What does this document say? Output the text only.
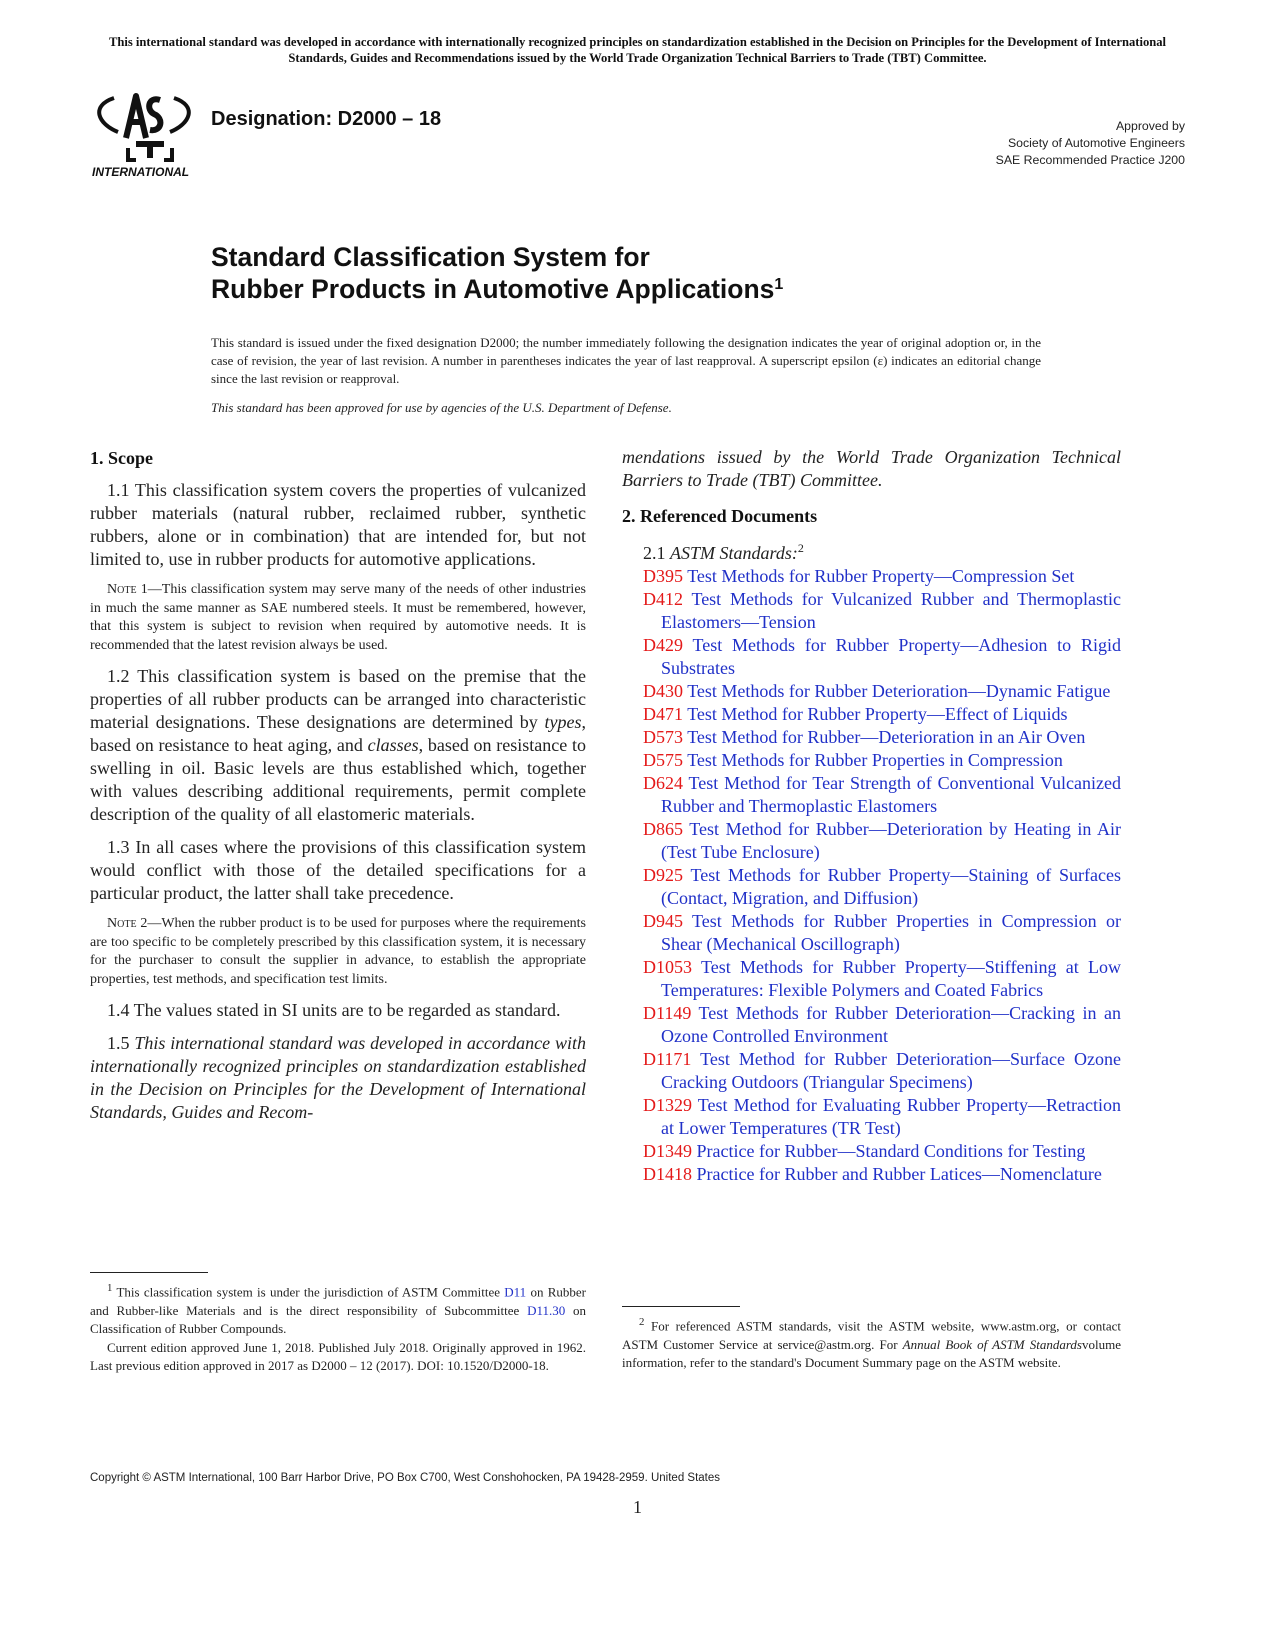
This international standard was developed in accordance with internationally recognized principles on standardization established in the Decision on Principles for the Development of International Standards, Guides and Recommendations issued by the World Trade Organization Technical Barriers to Trade (TBT) Committee.
INTERNATIONAL
Designation: D2000 – 18	Approved by
Society of Automotive Engineers
SAE Recommended Practice J200
Standard Classification System for
Rubber Products in Automotive Applications$^1$
This standard is issued under the fixed designation D2000; the number immediately following the designation indicates the year of original adoption or, in the case of revision, the year of last revision. A number in parentheses indicates the year of last reapproval. A superscript epsilon (ε) indicates an editorial change since the last revision or reapproval.
This standard has been approved for use by agencies of the U.S. Department of Defense.
1. Scope

1.1 This classification system covers the properties of vulcanized rubber materials (natural rubber, reclaimed rubber, synthetic rubbers, alone or in combination) that are intended for, but not limited to, use in rubber products for automotive applications.

Note 1—This classification system may serve many of the needs of other industries in much the same manner as SAE numbered steels. It must be remembered, however, that this system is subject to revision when required by automotive needs. It is recommended that the latest revision always be used.

1.2 This classification system is based on the premise that the properties of all rubber products can be arranged into characteristic material designations. These designations are determined by types, based on resistance to heat aging, and classes, based on resistance to swelling in oil. Basic levels are thus established which, together with values describing additional requirements, permit complete description of the quality of all elastomeric materials.

1.3 In all cases where the provisions of this classification system would conflict with those of the detailed specifications for a particular product, the latter shall take precedence.

Note 2—When the rubber product is to be used for purposes where the requirements are too specific to be completely prescribed by this classification system, it is necessary for the purchaser to consult the supplier in advance, to establish the appropriate properties, test methods, and specification test limits.

1.4 The values stated in SI units are to be regarded as standard.

1.5 This international standard was developed in accordance with internationally recognized principles on standardization established in the Decision on Principles for the Development of International Standards, Guides and Recom-

$^1$ This classification system is under the jurisdiction of ASTM Committee D11 on Rubber and Rubber-like Materials and is the direct responsibility of Subcommittee D11.30 on Classification of Rubber Compounds.

Current edition approved June 1, 2018. Published July 2018. Originally approved in 1962. Last previous edition approved in 2017 as D2000 – 12 (2017). DOI: 10.1520/D2000-18.

mendations issued by the World Trade Organization Technical Barriers to Trade (TBT) Committee.

2. Referenced Documents

2.1 ASTM Standards:$^2$

D395 Test Methods for Rubber Property—Compression Set
D412 Test Methods for Vulcanized Rubber and Thermoplastic Elastomers—Tension
D429 Test Methods for Rubber Property—Adhesion to Rigid Substrates
D430 Test Methods for Rubber Deterioration—Dynamic Fatigue
D471 Test Method for Rubber Property—Effect of Liquids
D573 Test Method for Rubber—Deterioration in an Air Oven
D575 Test Methods for Rubber Properties in Compression
D624 Test Method for Tear Strength of Conventional Vulcanized Rubber and Thermoplastic Elastomers
D865 Test Method for Rubber—Deterioration by Heating in Air (Test Tube Enclosure)
D925 Test Methods for Rubber Property—Staining of Surfaces (Contact, Migration, and Diffusion)
D945 Test Methods for Rubber Properties in Compression or Shear (Mechanical Oscillograph)
D1053 Test Methods for Rubber Property—Stiffening at Low Temperatures: Flexible Polymers and Coated Fabrics
D1149 Test Methods for Rubber Deterioration—Cracking in an Ozone Controlled Environment
D1171 Test Method for Rubber Deterioration—Surface Ozone Cracking Outdoors (Triangular Specimens)
D1329 Test Method for Evaluating Rubber Property—Retraction at Lower Temperatures (TR Test)
D1349 Practice for Rubber—Standard Conditions for Testing
D1418 Practice for Rubber and Rubber Latices—Nomenclature

$^2$ For referenced ASTM standards, visit the ASTM website, www.astm.org, or contact ASTM Customer Service at service@astm.org. For Annual Book of ASTM Standardsvolume information, refer to the standard's Document Summary page on the ASTM website.

Copyright © ASTM International, 100 Barr Harbor Drive, PO Box C700, West Conshohocken, PA 19428-2959. United States
1
